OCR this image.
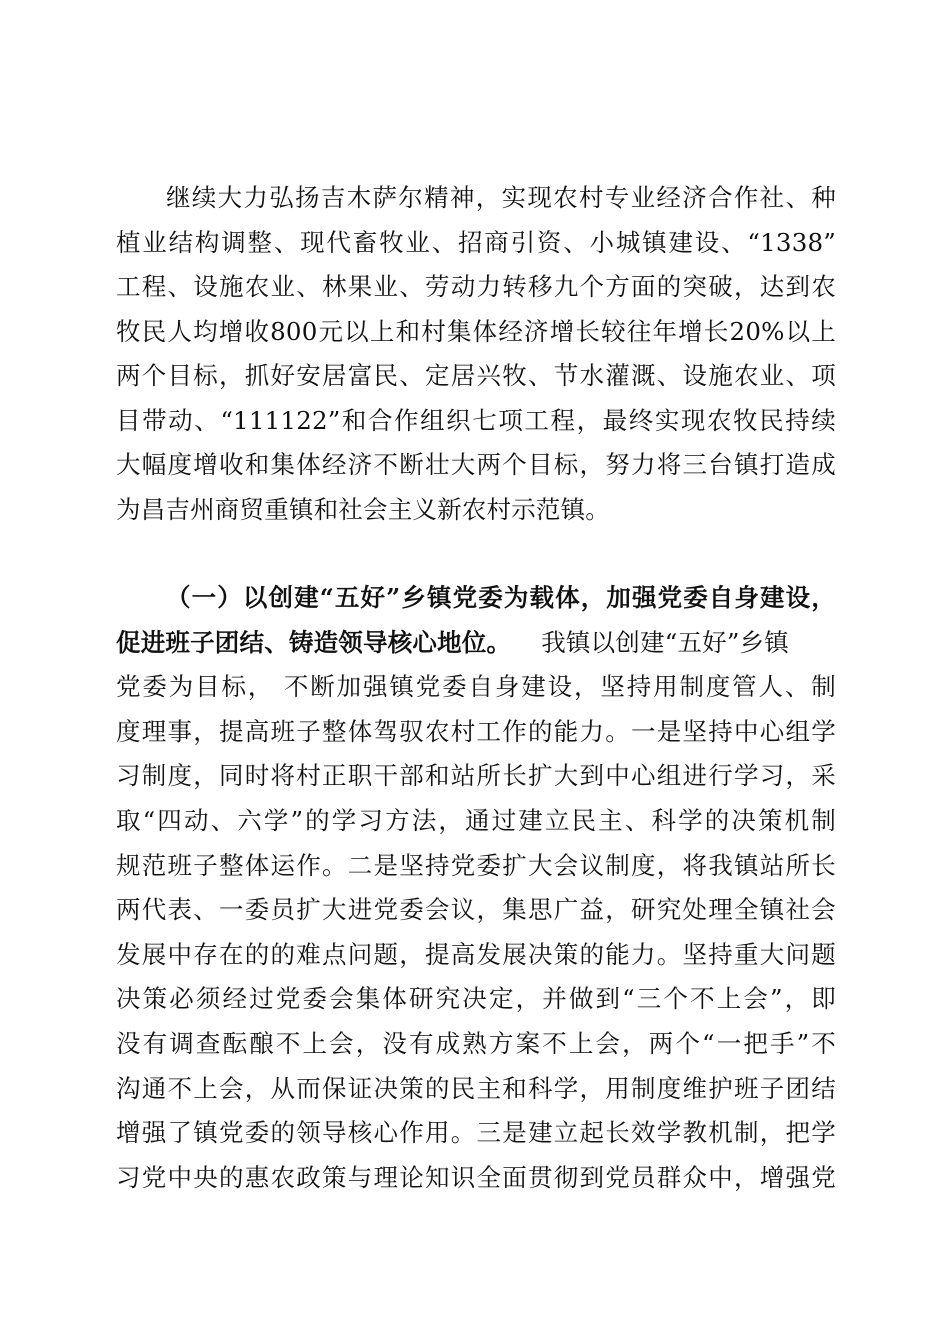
继续大力弘扬吉木萨尔精神，实现农村专业经济合作社、种
植业结构调整、现代畜牧业、招商引资、小城镇建设、“1338”
工程、设施农业、林果业、劳动力转移九个方面的突破，达到农
牧民人均增收800元以上和村集体经济增长较往年增长20%以上
两个目标，抓好安居富民、定居兴牧、节水灌溉、设施农业、项
目带动、“111122”和合作组织七项工程，最终实现农牧民持续
大幅度增收和集体经济不断壮大两个目标，努力将三台镇打造成
为昌吉州商贸重镇和社会主义新农村示范镇。
（一）以创建“五好”乡镇党委为载体，加强党委自身建设，
促进班子团结、铸造领导核心地位。 我镇以创建“五好”乡镇
党委为目标， 不断加强镇党委自身建设，坚持用制度管人、制
度理事，提高班子整体驾驭农村工作的能力。一是坚持中心组学
习制度，同时将村正职干部和站所长扩大到中心组进行学习，采
取“四动、六学”的学习方法，通过建立民主、科学的决策机制
规范班子整体运作。二是坚持党委扩大会议制度，将我镇站所长
两代表、一委员扩大进党委会议，集思广益，研究处理全镇社会
发展中存在的的难点问题，提高发展决策的能力。坚持重大问题
决策必须经过党委会集体研究决定，并做到“三个不上会”，即
没有调查酝酿不上会，没有成熟方案不上会，两个“一把手”不
沟通不上会，从而保证决策的民主和科学，用制度维护班子团结
增强了镇党委的领导核心作用。三是建立起长效学教机制，把学
习党中央的惠农政策与理论知识全面贯彻到党员群众中，增强党
